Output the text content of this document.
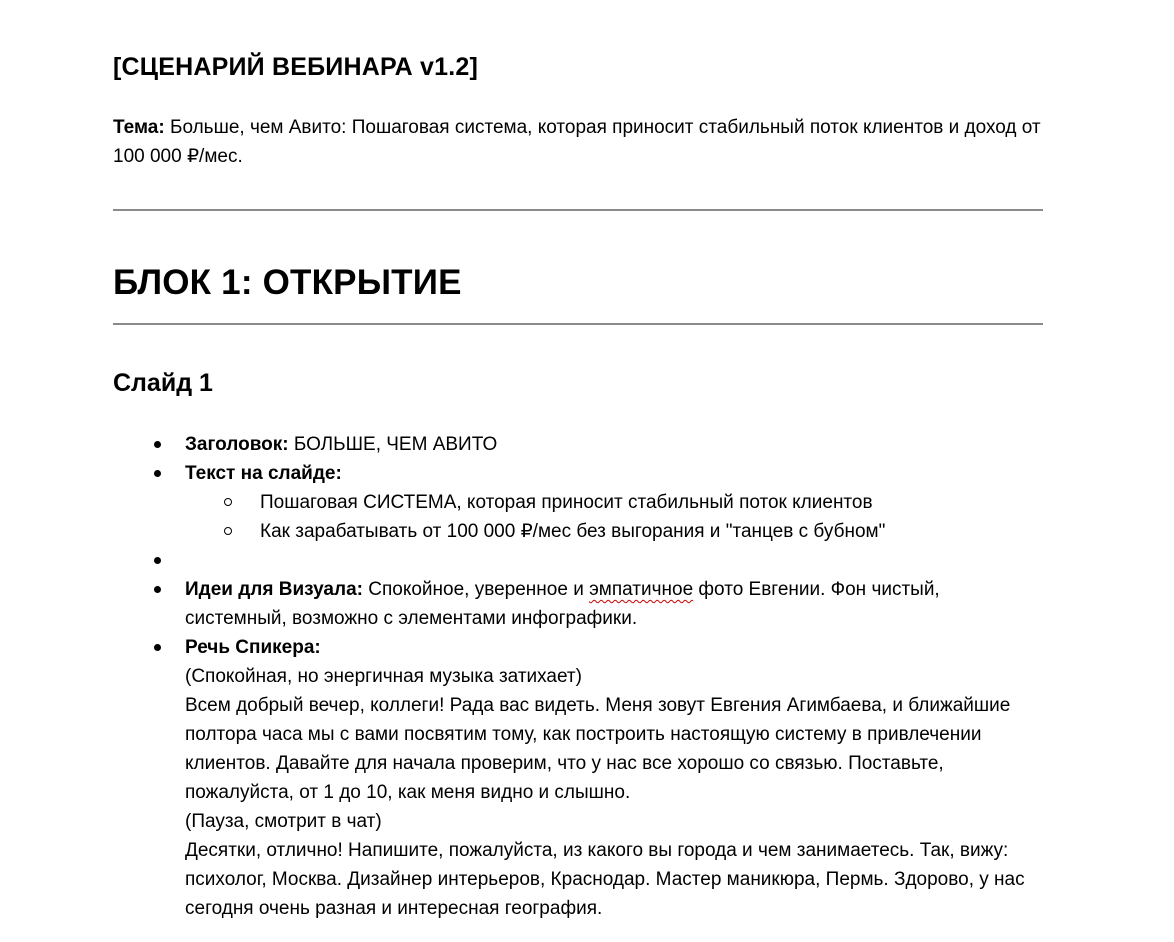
[СЦЕНАРИЙ ВЕБИНАРА v1.2]

Тема: Больше, чем Авито: Пошаговая система, которая приносит стабильный поток клиентов и доход от 100 000 ₽/мес.

БЛОК 1: ОТКРЫТИЕ
Слайд 1
Заголовок: БОЛЬШЕ, ЧЕМ АВИТО
Текст на слайде:
Пошаговая СИСТЕМА, которая приносит стабильный поток клиентов
Как зарабатывать от 100 000 ₽/мес без выгорания и "танцев с бубном"

Идеи для Визуала: Спокойное, уверенное и эмпатичное фото Евгении. Фон чистый, системный, возможно с элементами инфографики.
Речь Спикера:
(Спокойная, но энергичная музыка затихает)
Всем добрый вечер, коллеги! Рада вас видеть. Меня зовут Евгения Агимбаева, и ближайшие полтора часа мы с вами посвятим тому, как построить настоящую систему в привлечении клиентов. Давайте для начала проверим, что у нас все хорошо со связью. Поставьте, пожалуйста, от 1 до 10, как меня видно и слышно.
(Пауза, смотрит в чат)
Десятки, отлично! Напишите, пожалуйста, из какого вы города и чем занимаетесь. Так, вижу: психолог, Москва. Дизайнер интерьеров, Краснодар. Мастер маникюра, Пермь. Здорово, у нас сегодня очень разная и интересная география.
